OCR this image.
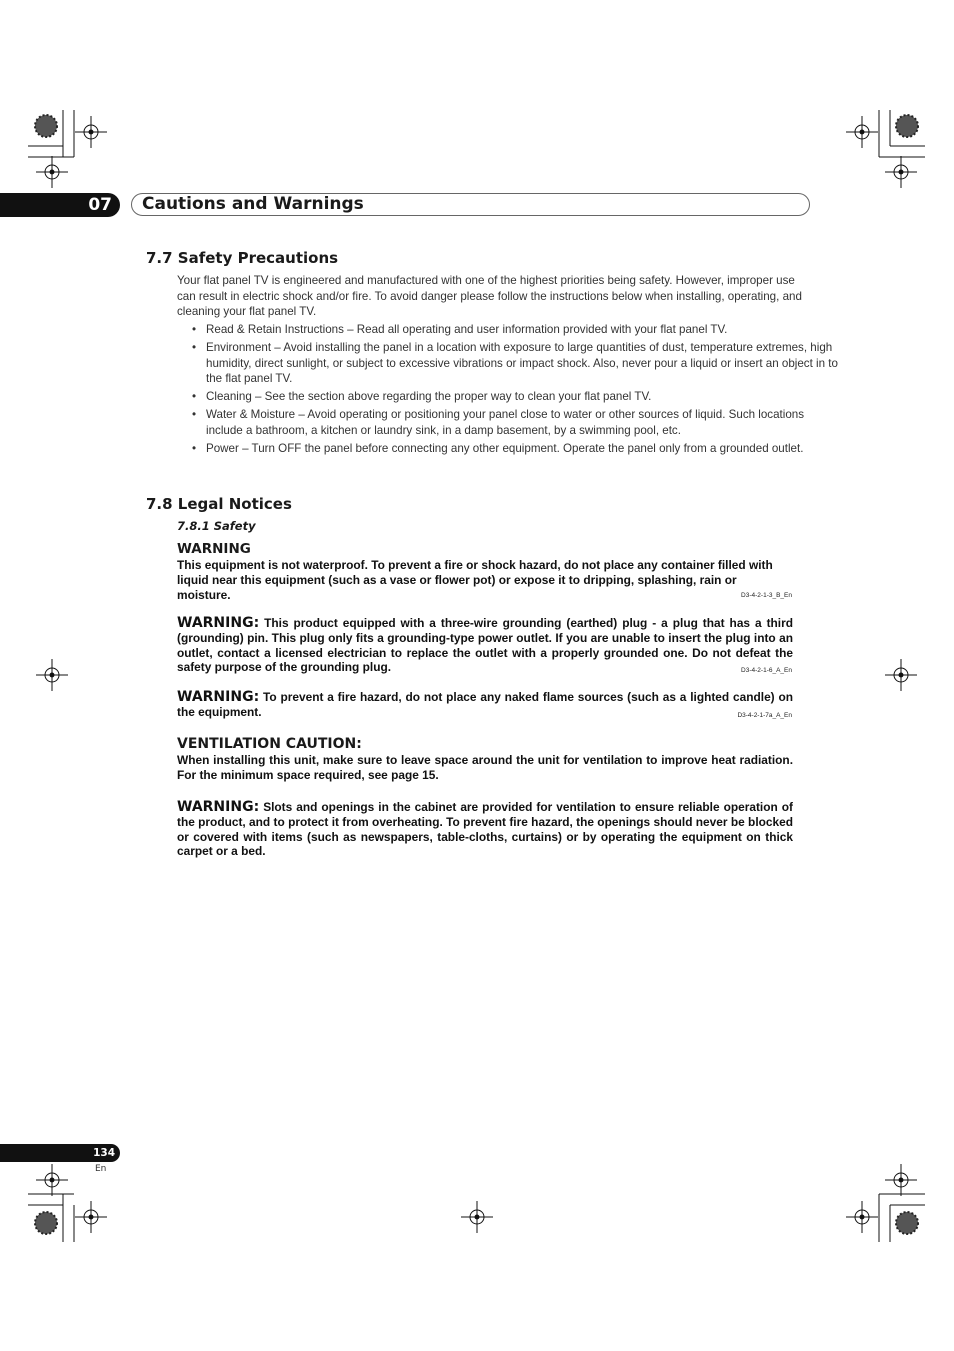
07	Cautions and Warnings
7.7 Safety Precautions
Your flat panel TV is engineered and manufactured with one of the highest priorities being safety. However, improper use can result in electric shock and/or fire. To avoid danger please follow the instructions below when installing, operating, and cleaning your flat panel TV.
• Read & Retain Instructions – Read all operating and user information provided with your flat panel TV.
• Environment – Avoid installing the panel in a location with exposure to large quantities of dust, temperature extremes, high humidity, direct sunlight, or subject to excessive vibrations or impact shock. Also, never pour a liquid or insert an object in to the flat panel TV.
• Cleaning – See the section above regarding the proper way to clean your flat panel TV.
• Water & Moisture – Avoid operating or positioning your panel close to water or other sources of liquid. Such locations include a bathroom, a kitchen or laundry sink, in a damp basement, by a swimming pool, etc.
• Power – Turn OFF the panel before connecting any other equipment. Operate the panel only from a grounded outlet.
7.8 Legal Notices
7.8.1 Safety
WARNING
This equipment is not waterproof. To prevent a fire or shock hazard, do not place any container filled with liquid near this equipment (such as a vase or flower pot) or expose it to dripping, splashing, rain or moisture.	D3-4-2-1-3_B_En
WARNING: This product equipped with a three-wire grounding (earthed) plug - a plug that has a third (grounding) pin. This plug only fits a grounding-type power outlet. If you are unable to insert the plug into an outlet, contact a licensed electrician to replace the outlet with a properly grounded one. Do not defeat the safety purpose of the grounding plug.	D3-4-2-1-6_A_En
WARNING: To prevent a fire hazard, do not place any naked flame sources (such as a lighted candle) on the equipment.	D3-4-2-1-7a_A_En
VENTILATION CAUTION:
When installing this unit, make sure to leave space around the unit for ventilation to improve heat radiation. For the minimum space required, see page 15.
WARNING: Slots and openings in the cabinet are provided for ventilation to ensure reliable operation of the product, and to protect it from overheating. To prevent fire hazard, the openings should never be blocked or covered with items (such as newspapers, table-cloths, curtains) or by operating the equipment on thick carpet or a bed.
134
En
